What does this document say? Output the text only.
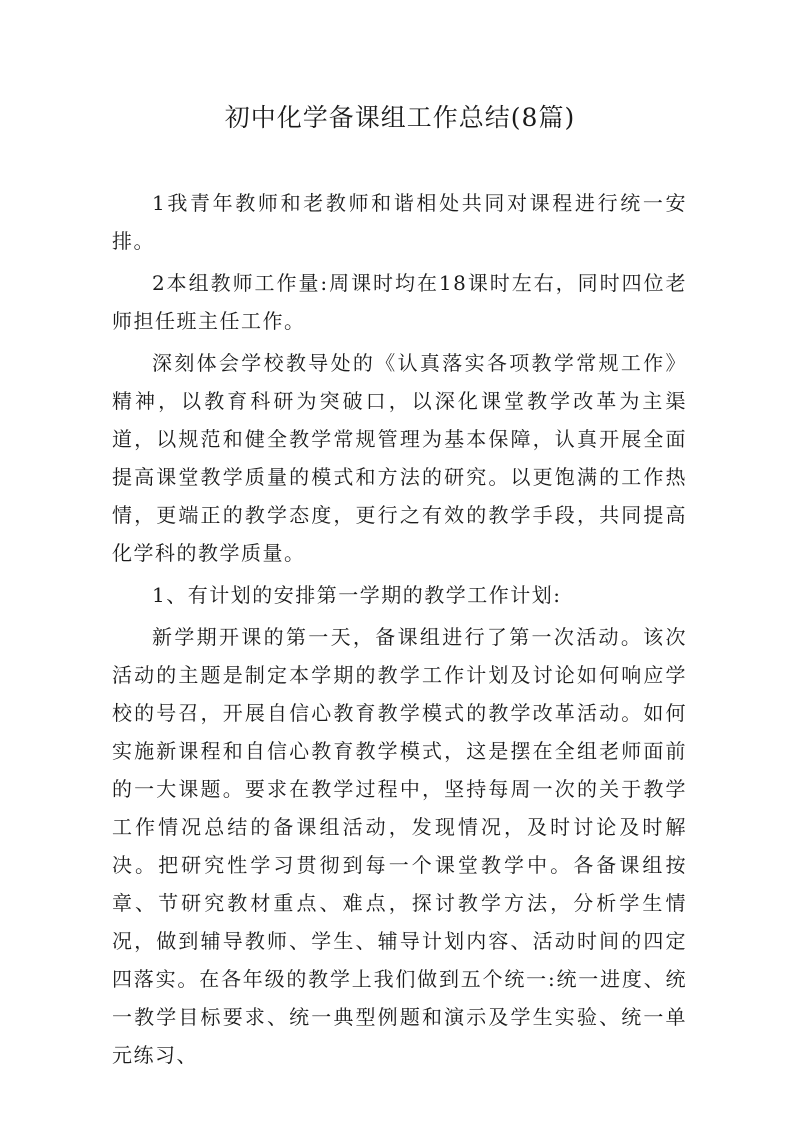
初中化学备课组工作总结(8篇)

1我青年教师和老教师和谐相处共同对课程进行统一安排。

2本组教师工作量:周课时均在18课时左右，同时四位老师担任班主任工作。

深刻体会学校教导处的《认真落实各项教学常规工作》精神，以教育科研为突破口，以深化课堂教学改革为主渠道，以规范和健全教学常规管理为基本保障，认真开展全面提高课堂教学质量的模式和方法的研究。以更饱满的工作热情，更端正的教学态度，更行之有效的教学手段，共同提高化学科的教学质量。

1、有计划的安排第一学期的教学工作计划:

新学期开课的第一天，备课组进行了第一次活动。该次活动的主题是制定本学期的教学工作计划及讨论如何响应学校的号召，开展自信心教育教学模式的教学改革活动。如何实施新课程和自信心教育教学模式，这是摆在全组老师面前的一大课题。要求在教学过程中，坚持每周一次的关于教学工作情况总结的备课组活动，发现情况，及时讨论及时解决。把研究性学习贯彻到每一个课堂教学中。各备课组按章、节研究教材重点、难点，探讨教学方法，分析学生情况，做到辅导教师、学生、辅导计划内容、活动时间的四定四落实。在各年级的教学上我们做到五个统一:统一进度、统一教学目标要求、统一典型例题和演示及学生实验、统一单元练习、
